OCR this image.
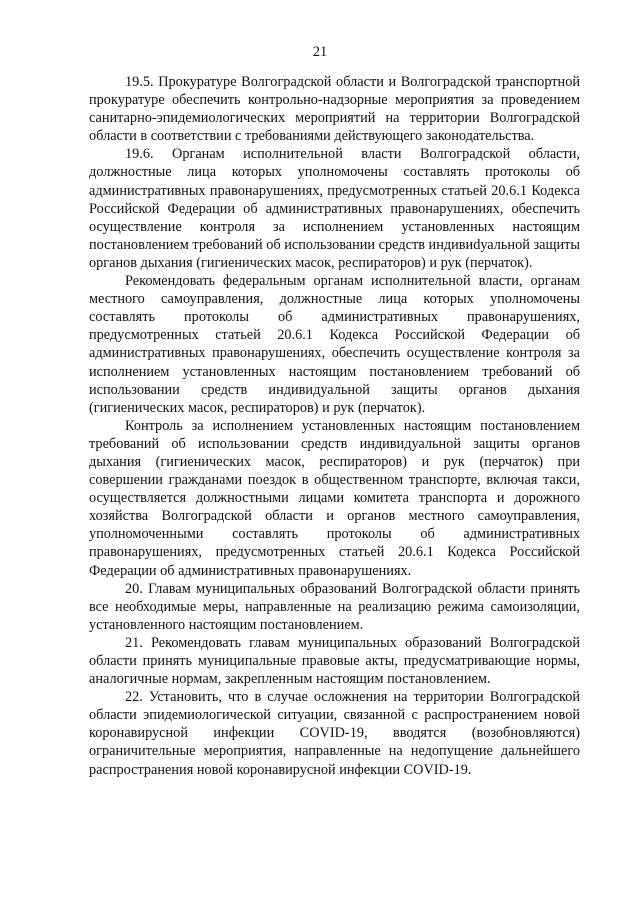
21

19.5. Прокуратуре Волгоградской области и Волгоградской транспортной прокуратуре обеспечить контрольно-надзорные мероприятия за проведением санитарно-эпидемиологических мероприятий на территории Волгоградской области в соответствии с требованиями действующего законодательства.

19.6. Органам исполнительной власти Волгоградской области, должностные лица которых уполномочены составлять протоколы об административных правонарушениях, предусмотренных статьей 20.6.1 Кодекса Российской Федерации об административных правонарушениях, обеспечить осуществление контроля за исполнением установленных настоящим постановлением требований об использовании средств индивиdуальной защиты органов дыхания (гигиенических масок, респираторов) и рук (перчаток).

Рекомендовать федеральным органам исполнительной власти, органам местного самоуправления, должностные лица которых уполномочены составлять протоколы об административных правонарушениях, предусмотренных статьей 20.6.1 Кодекса Российской Федерации об административных правонарушениях, обеспечить осуществление контроля за исполнением установленных настоящим постановлением требований об использовании средств индивидуальной защиты органов дыхания (гигиенических масок, респираторов) и рук (перчаток).

Контроль за исполнением установленных настоящим постановлением требований об использовании средств индивидуальной защиты органов дыхания (гигиенических масок, респираторов) и рук (перчаток) при совершении гражданами поездок в общественном транспорте, включая такси, осуществляется должностными лицами комитета транспорта и дорожного хозяйства Волгоградской области и органов местного самоуправления, уполномоченными составлять протоколы об административных правонарушениях, предусмотренных статьей 20.6.1 Кодекса Российской Федерации об административных правонарушениях.

20. Главам муниципальных образований Волгоградской области принять все необходимые меры, направленные на реализацию режима самоизоляции, установленного настоящим постановлением.

21. Рекомендовать главам муниципальных образований Волгоградской области принять муниципальные правовые акты, предусматривающие нормы, аналогичные нормам, закрепленным настоящим постановлением.

22. Установить, что в случае осложнения на территории Волгоградской области эпидемиологической ситуации, связанной с распространением новой коронавирусной инфекции COVID-19, вводятся (возобновляются) ограничительные мероприятия, направленные на недопущение дальнейшего распространения новой коронавирусной инфекции COVID-19.
